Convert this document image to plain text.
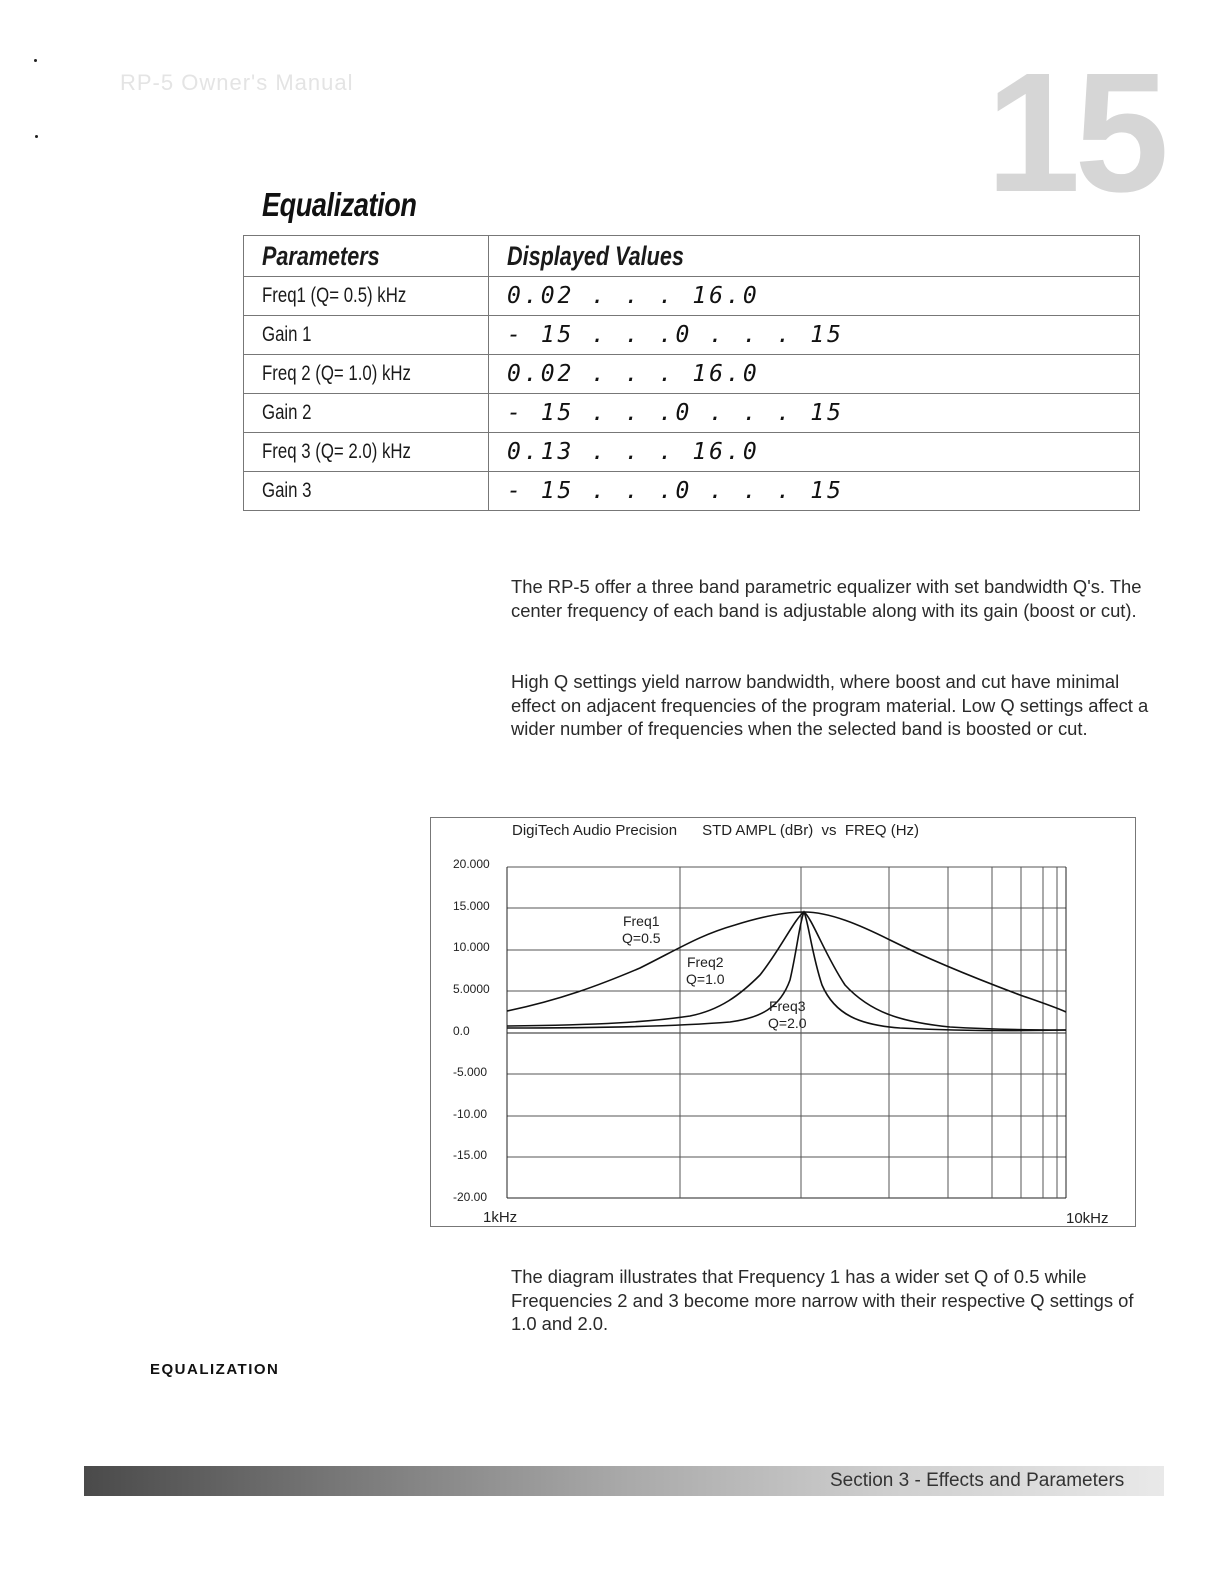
RP-5 Owner's Manual	15
Equalization
Parameters	Displayed Values
Freq1 (Q= 0.5) kHz	0.02 . . . 16.0
Gain 1	- 15 . . .0 . . . 15
Freq 2 (Q= 1.0) kHz	0.02 . . . 16.0
Gain 2	- 15 . . .0 . . . 15
Freq 3 (Q= 2.0) kHz	0.13 . . . 16.0
Gain 3	- 15 . . .0 . . . 15
The RP-5 offer a three band parametric equalizer with set bandwidth Q's. The center frequency of each band is adjustable along with its gain (boost or cut).
High Q settings yield narrow bandwidth, where boost and cut have minimal effect on adjacent frequencies of the program material. Low Q settings affect a wider number of frequencies when the selected band is boosted or cut.
DigiTech Audio Precision      STD AMPL (dBr)  vs  FREQ (Hz)
20.000
15.000
10.000
5.0000
0.0
-5.000
-10.00
-15.00
-20.00
Freq1
Q=0.5
Freq2
Q=1.0
Freq3
Q=2.0
1kHz	10kHz
The diagram illustrates that Frequency 1 has a wider set Q of 0.5 while Frequencies 2 and 3 become more narrow with their respective Q settings of 1.0 and 2.0.
EQUALIZATION
Section 3 - Effects and Parameters
